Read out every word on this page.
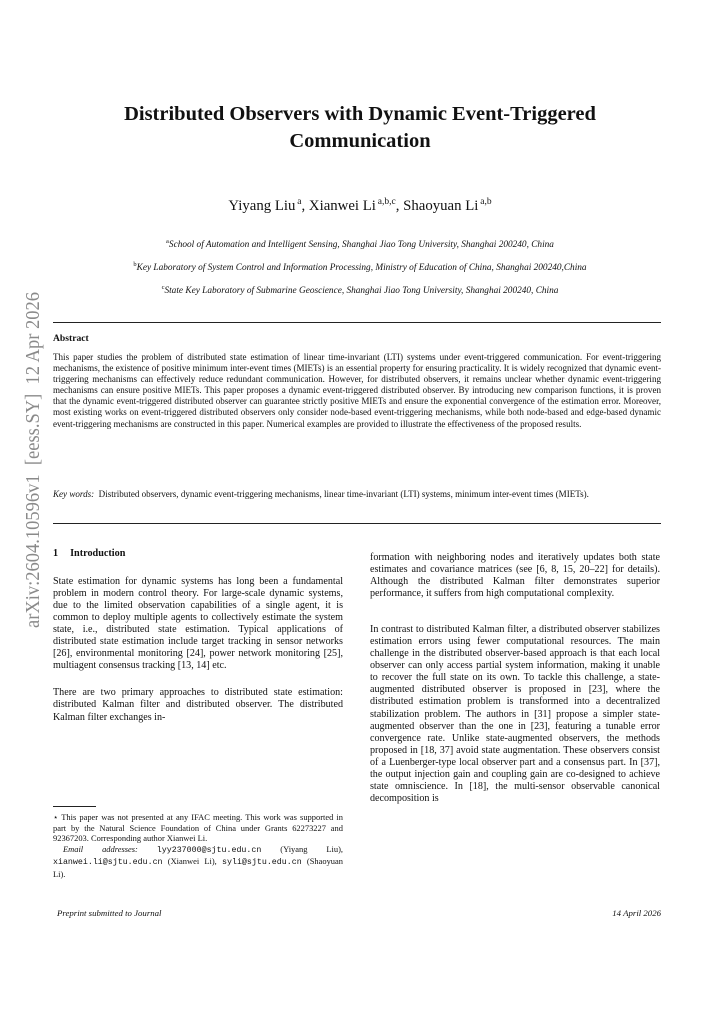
arXiv:2604.10596v1  [eess.SY]  12 Apr 2026
Distributed Observers with Dynamic Event-Triggered
Communication
Yiyang Liu  $^a$, Xianwei Li  $^{a,b,c}$, Shaoyuan Li  $^{a,b}$
$^a$School of Automation and Intelligent Sensing, Shanghai Jiao Tong University, Shanghai 200240, China
$^b$Key Laboratory of System Control and Information Processing, Ministry of Education of China, Shanghai 200240,China
$^c$State Key Laboratory of Submarine Geoscience, Shanghai Jiao Tong University, Shanghai 200240, China
Abstract
This paper studies the problem of distributed state estimation of linear time-invariant (LTI) systems under event-triggered communication. For event-triggering mechanisms, the existence of positive minimum inter-event times (MIETs) is an essential property for ensuring practicality. It is widely recognized that dynamic event-triggering mechanisms can effectively reduce redundant communication. However, for distributed observers, it remains unclear whether dynamic event-triggering mechanisms can ensure positive MIETs. This paper proposes a dynamic event-triggered distributed observer. By introducing new comparison functions, it is proven that the dynamic event-triggered distributed observer can guarantee strictly positive MIETs and ensure the exponential convergence of the estimation error. Moreover, most existing works on event-triggered distributed observers only consider node-based event-triggering mechanisms, while both node-based and edge-based dynamic event-triggering mechanisms are constructed in this paper. Numerical examples are provided to illustrate the effectiveness of the proposed results.
Key words: Distributed observers, dynamic event-triggering mechanisms, linear time-invariant (LTI) systems, minimum inter-event times (MIETs).

1 Introduction

State estimation for dynamic systems has long been a fundamental problem in modern control theory. For large-scale dynamic systems, due to the limited observation capabilities of a single agent, it is common to deploy multiple agents to collectively estimate the system state, i.e., distributed state estimation. Typical applications of distributed state estimation include target tracking in sensor networks [26], environmental monitoring [24], power network monitoring [25], multiagent consensus tracking [13, 14] etc.

There are two primary approaches to distributed state estimation: distributed Kalman filter and distributed observer. The distributed Kalman filter exchanges in-

⋆ This paper was not presented at any IFAC meeting. This work was supported in part by the Natural Science Foundation of China under Grants 62273227 and 92367203. Corresponding author Xianwei Li.

Email addresses: lyy237000@sjtu.edu.cn (Yiyang Liu), xianwei.li@sjtu.edu.cn (Xianwei Li), syli@sjtu.edu.cn (Shaoyuan Li).

formation with neighboring nodes and iteratively updates both state estimates and covariance matrices (see [6, 8, 15, 20–22] for details). Although the distributed Kalman filter demonstrates superior performance, it suffers from high computational complexity.

In contrast to distributed Kalman filter, a distributed observer stabilizes estimation errors using fewer computational resources. The main challenge in the distributed observer-based approach is that each local observer can only access partial system information, making it unable to recover the full state on its own. To tackle this challenge, a state-augmented distributed observer is proposed in [23], where the distributed estimation problem is transformed into a decentralized stabilization problem. The authors in [31] propose a simpler state-augmented observer than the one in [23], featuring a tunable error convergence rate. Unlike state-augmented observers, the methods proposed in [18, 37] avoid state augmentation. These observers consist of a Luenberger-type local observer part and a consensus part. In [37], the output injection gain and coupling gain are co-designed to achieve state omniscience. In [18], the multi-sensor observable canonical decomposition is

Preprint submitted to Journal	14 April 2026
